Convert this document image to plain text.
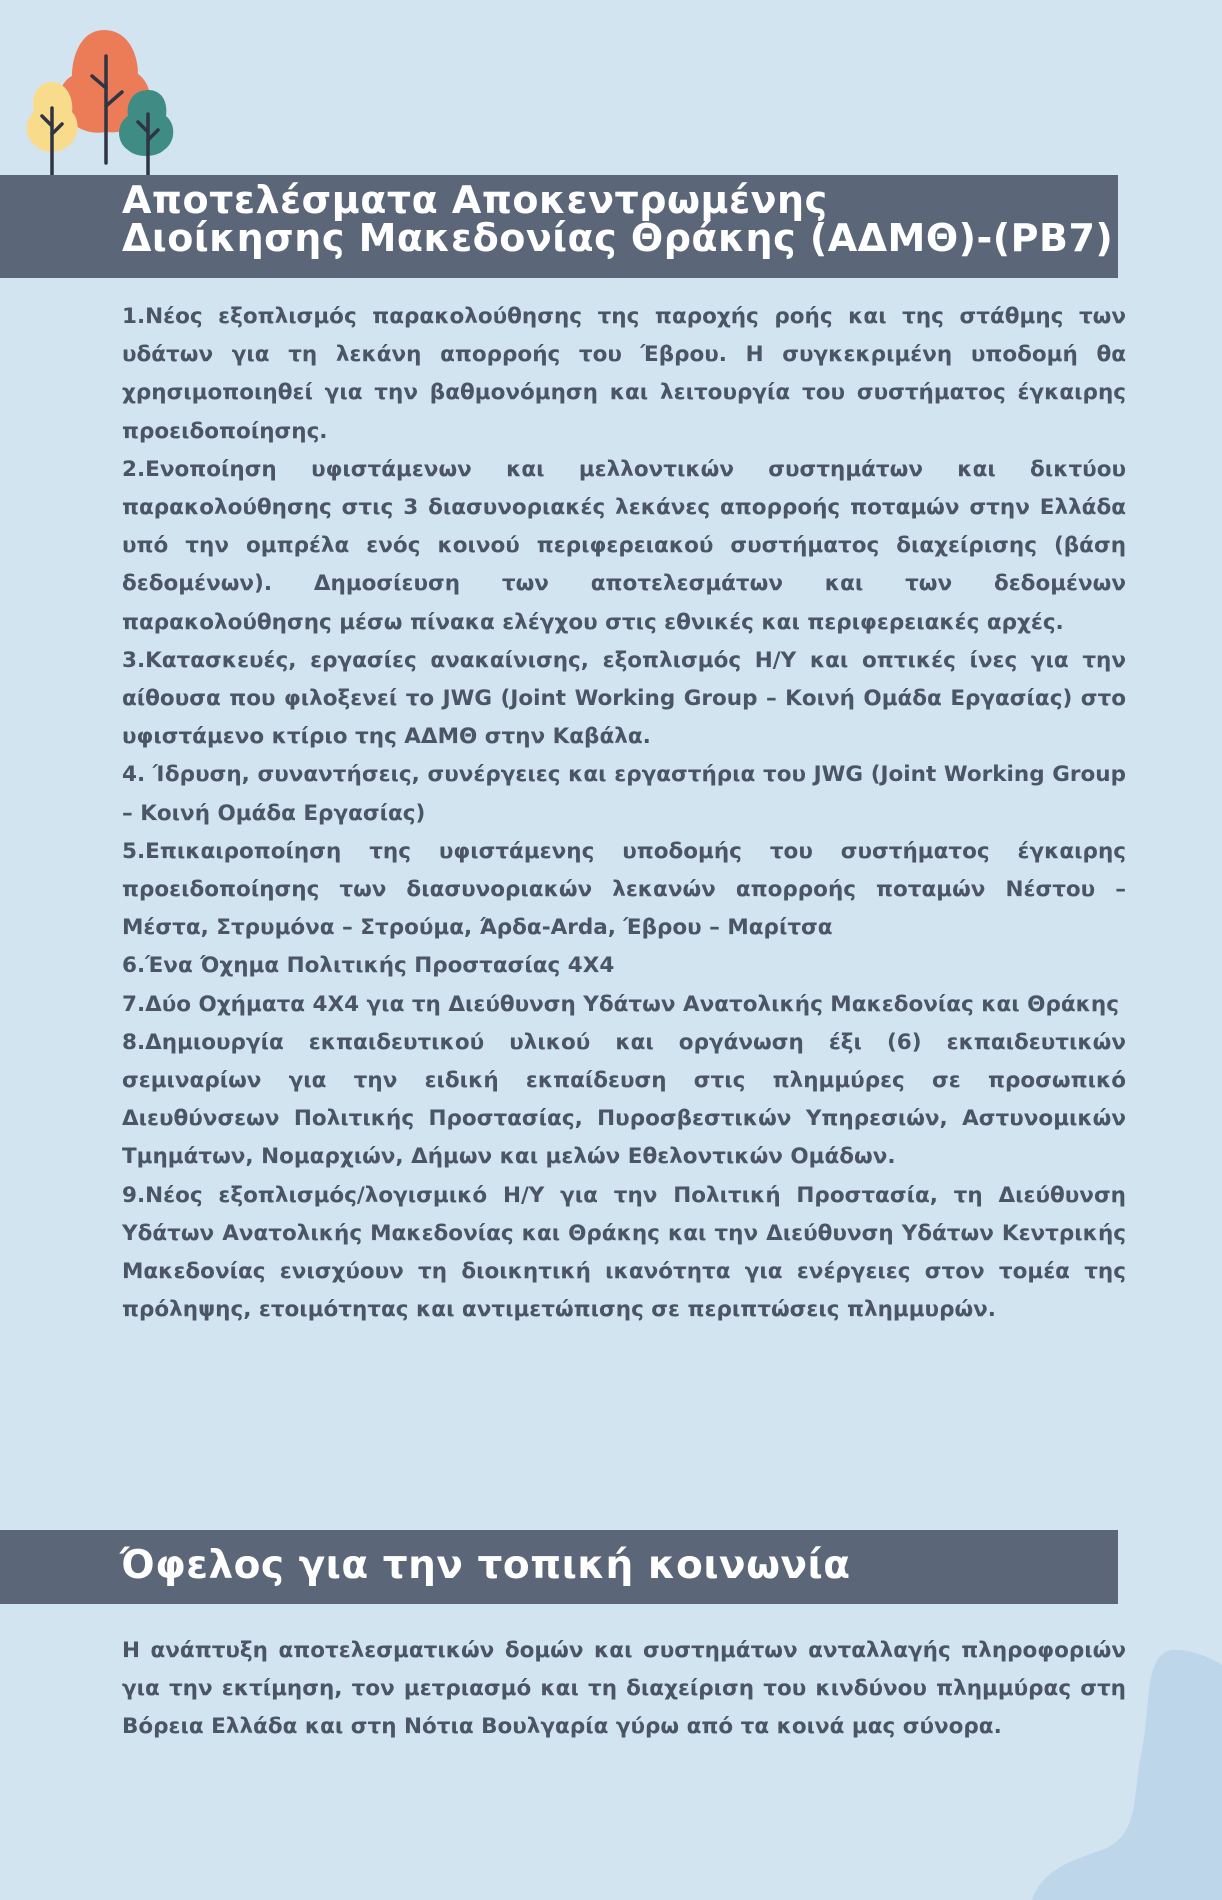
Αποτελέσματα Αποκεντρωμένης
Διοίκησης Μακεδονίας Θράκης (ΑΔΜΘ)-(PB7)

1.Νέος εξοπλισμός παρακολούθησης της παροχής ροής και της στάθμης των υδάτων για τη λεκάνη απορροής του Έβρου. Η συγκεκριμένη υποδομή θα χρησιμοποιηθεί για την βαθμονόμηση και λειτουργία του συστήματος έγκαιρης προειδοποίησης.

2.Ενοποίηση υφιστάμενων και μελλοντικών συστημάτων και δικτύου παρακολούθησης στις 3 διασυνοριακές λεκάνες απορροής ποταμών στην Ελλάδα υπό την ομπρέλα ενός κοινού περιφερειακού συστήματος διαχείρισης (βάση δεδομένων). Δημοσίευση των αποτελεσμάτων και των δεδομένων παρακολούθησης μέσω πίνακα ελέγχου στις εθνικές και περιφερειακές αρχές.

3.Κατασκευές, εργασίες ανακαίνισης, εξοπλισμός Η/Υ και οπτικές ίνες για την αίθουσα που φιλοξενεί το JWG (Joint Working Group – Κοινή Ομάδα Εργασίας) στο υφιστάμενο κτίριο της ΑΔΜΘ στην Καβάλα.

4. Ίδρυση, συναντήσεις, συνέργειες και εργαστήρια του JWG (Joint Working Group – Κοινή Ομάδα Εργασίας)

5.Επικαιροποίηση της υφιστάμενης υποδομής του συστήματος έγκαιρης προειδοποίησης των διασυνοριακών λεκανών απορροής ποταμών Νέστου – Μέστα, Στρυμόνα – Στρούμα, Άρδα-Arda, Έβρου – Μαρίτσα

6.Ένα Όχημα Πολιτικής Προστασίας 4Χ4

7.Δύο Οχήματα 4Χ4 για τη Διεύθυνση Υδάτων Ανατολικής Μακεδονίας και Θράκης

8.Δημιουργία εκπαιδευτικού υλικού και οργάνωση έξι (6) εκπαιδευτικών σεμιναρίων για την ειδική εκπαίδευση στις πλημμύρες σε προσωπικό Διευθύνσεων Πολιτικής Προστασίας, Πυροσβεστικών Υπηρεσιών, Αστυνομικών Τμημάτων, Νομαρχιών, Δήμων και μελών Εθελοντικών Ομάδων.

9.Νέος εξοπλισμός/λογισμικό Η/Υ για την Πολιτική Προστασία, τη Διεύθυνση Υδάτων Ανατολικής Μακεδονίας και Θράκης και την Διεύθυνση Υδάτων Κεντρικής Μακεδονίας ενισχύουν τη διοικητική ικανότητα για ενέργειες στον τομέα της πρόληψης, ετοιμότητας και αντιμετώπισης σε περιπτώσεις πλημμυρών.

Όφελος για την τοπική κοινωνία

Η ανάπτυξη αποτελεσματικών δομών και συστημάτων ανταλλαγής πληροφοριών για την εκτίμηση, τον μετριασμό και τη διαχείριση του κινδύνου πλημμύρας στη Βόρεια Ελλάδα και στη Νότια Βουλγαρία γύρω από τα κοινά μας σύνορα.
